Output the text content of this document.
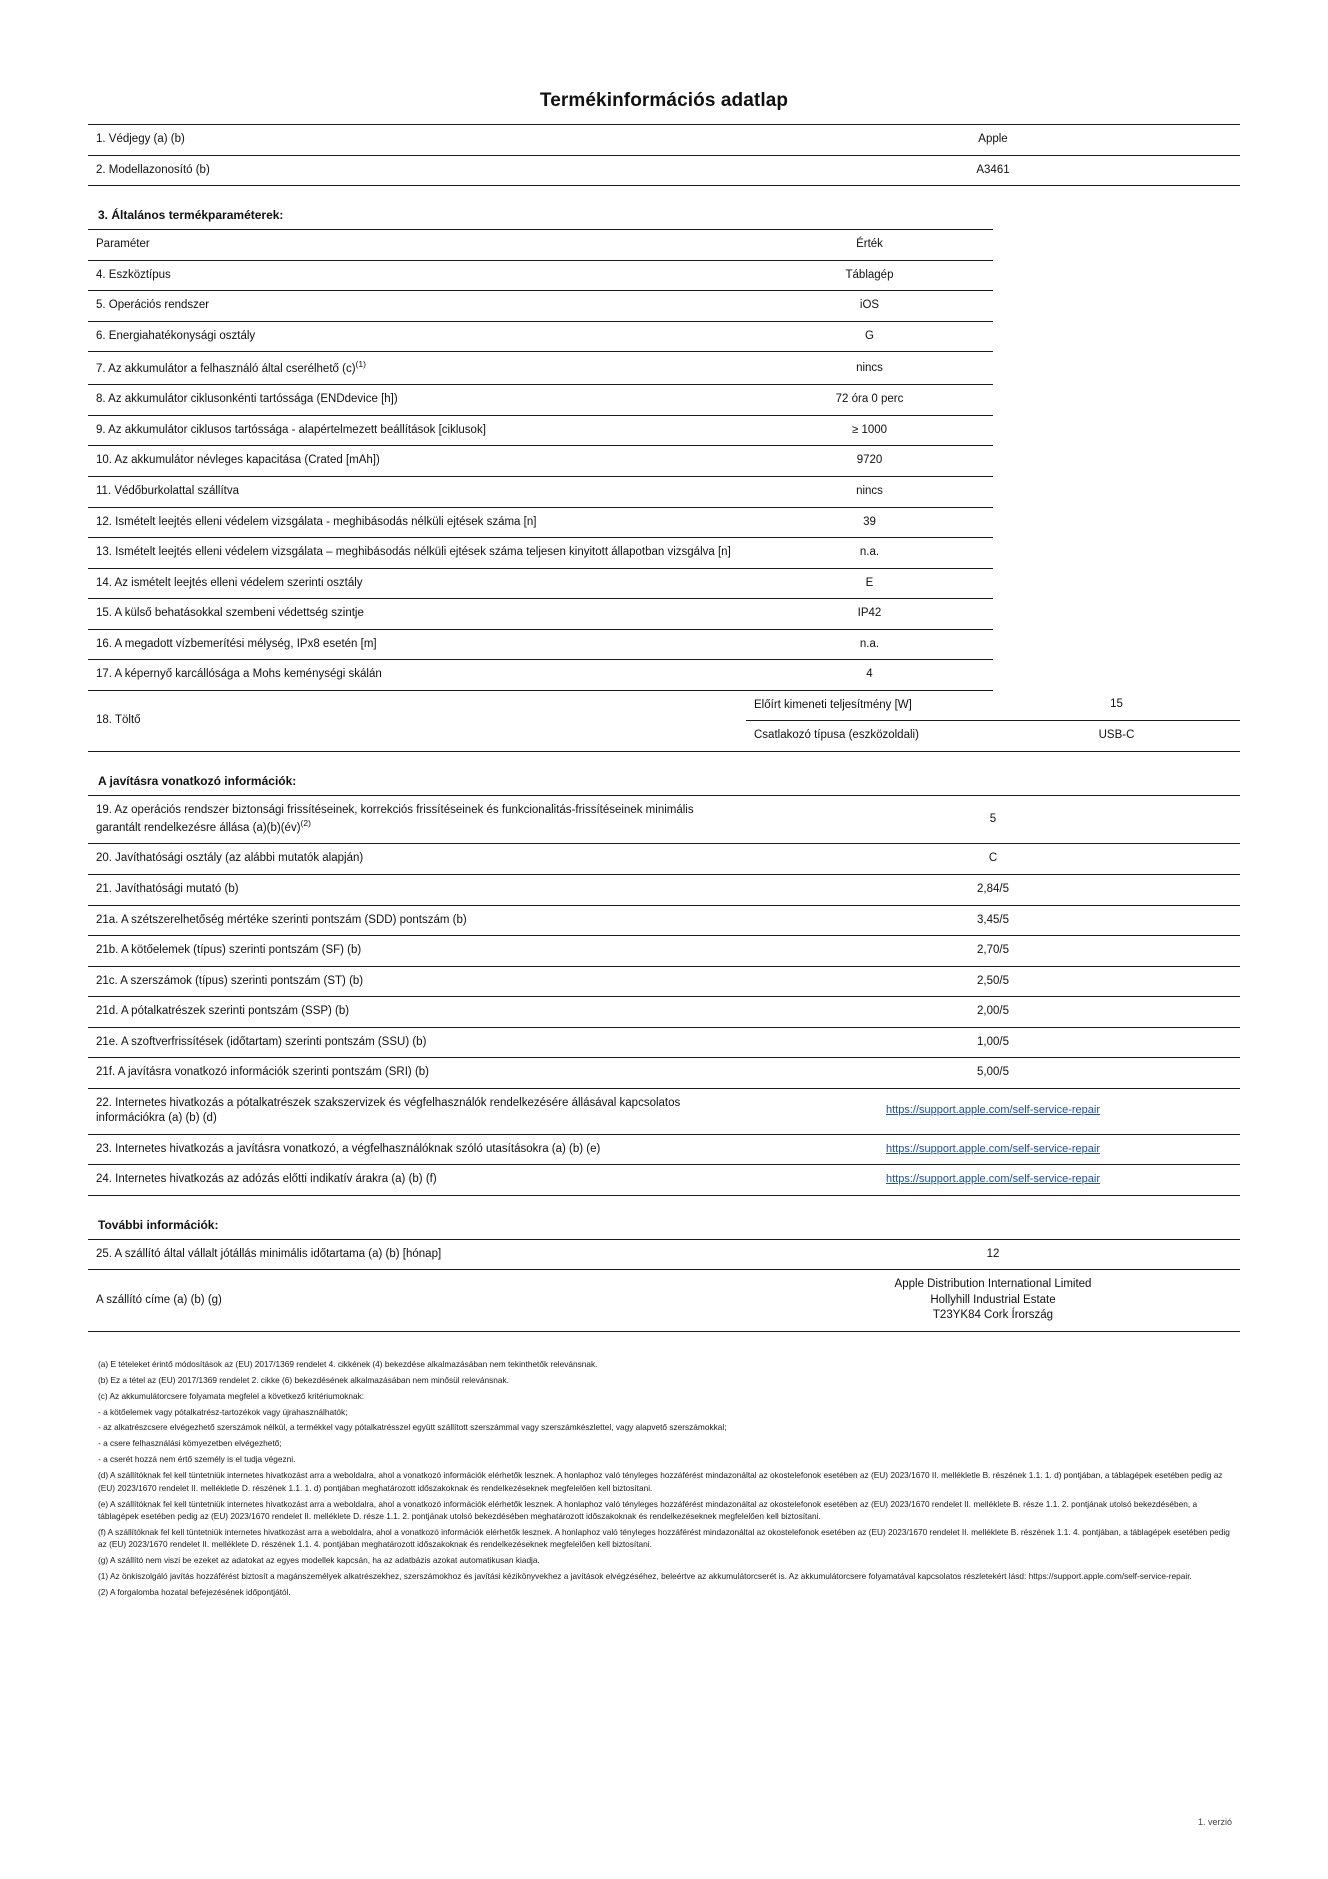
Termékinformációs adatlap
1. Védjegy (a) (b)	Apple
2. Modellazonosító (b)	A3461
3. Általános termékparaméterek:
Paraméter	Érték	
4. Eszköztípus	Táblagép	
5. Operációs rendszer	iOS	
6. Energiahatékonysági osztály	G	
7. Az akkumulátor a felhasználó által cserélhető $(c)^{(1)}$	nincs	
8. Az akkumulátor ciklusonkénti tartóssága (ENDdevice [h])	72 óra 0 perc	
9. Az akkumulátor ciklusos tartóssága - alapértelmezett beállítások [ciklusok]	≥ 1000	
10. Az akkumulátor névleges kapacitása (Crated [mAh])	9720	
11. Védőburkolattal szállítva	nincs	
12. Ismételt leejtés elleni védelem vizsgálata - meghibásodás nélküli ejtések száma [n]	39	
13. Ismételt leejtés elleni védelem vizsgálata – meghibásodás nélküli ejtések száma teljesen kinyitott állapotban vizsgálva [n]	n.a.	
14. Az ismételt leejtés elleni védelem szerinti osztály	E	
15. A külső behatásokkal szembeni védettség szintje	IP42	
16. A megadott vízbemerítési mélység, IPx8 esetén [m]	n.a.	
17. A képernyő karcállósága a Mohs keménységi skálán	4	
18. Töltő	Előírt kimeneti teljesítmény [W]	15
	Csatlakozó típusa (eszközoldali)	USB-C
A javításra vonatkozó információk:
19. Az operációs rendszer biztonsági frissítéseinek, korrekciós frissítéseinek és funkcionalitás-frissítéseinek minimális garantált rendelkezésre állása (a)(b)(év)$^{(2)}$	5
20. Javíthatósági osztály (az alábbi mutatók alapján)	C
21. Javíthatósági mutató (b)	2,84/5
21a. A szétszerelhetőség mértéke szerinti pontszám (SDD) pontszám (b)	3,45/5
21b. A kötőelemek (típus) szerinti pontszám (SF) (b)	2,70/5
21c. A szerszámok (típus) szerinti pontszám (ST) (b)	2,50/5
21d. A pótalkatrészek szerinti pontszám (SSP) (b)	2,00/5
21e. A szoftverfrissítések (időtartam) szerinti pontszám (SSU) (b)	1,00/5
21f. A javításra vonatkozó információk szerinti pontszám (SRI) (b)	5,00/5
22. Internetes hivatkozás a pótalkatrészek szakszervizek és végfelhasználók rendelkezésére állásával kapcsolatos információkra (a) (b) (d)	https://support.apple.com/self-service-repair
23. Internetes hivatkozás a javításra vonatkozó, a végfelhasználóknak szóló utasításokra (a) (b) (e)	https://support.apple.com/self-service-repair
24. Internetes hivatkozás az adózás előtti indikatív árakra (a) (b) (f)	https://support.apple.com/self-service-repair
További információk:
25. A szállító által vállalt jótállás minimális időtartama (a) (b) [hónap]	12
A szállító címe (a) (b) (g)	Apple Distribution International Limited
Hollyhill Industrial Estate
T23YK84 Cork Írország

(a) E tételeket érintő módosítások az (EU) 2017/1369 rendelet 4. cikkének (4) bekezdése alkalmazásában nem tekinthetők relevánsnak.

(b) Ez a tétel az (EU) 2017/1369 rendelet 2. cikke (6) bekezdésének alkalmazásában nem minősül relevánsnak.

(c) Az akkumulátorcsere folyamata megfelel a következő kritériumoknak:

- a kötőelemek vagy pótalkatrész-tartozékok vagy újrahasználhatók;

- az alkatrészcsere elvégezhető szerszámok nélkül, a termékkel vagy pótalkatrésszel együtt szállított szerszámmal vagy szerszámkészlettel, vagy alapvető szerszámokkal;

- a csere felhasználási kömyezetben elvégezhető;

- a cserét hozzá nem értő személy is el tudja végezni.

(d) A szállítóknak fel kell tüntetniük internetes hivatkozást arra a weboldalra, ahol a vonatkozó információk elérhetők lesznek. A honlaphoz való tényleges hozzáférést mindazonáltal az okostelefonok esetében az (EU) 2023/1670 II. mellékletle B. részének 1.1. 1. d) pontjában, a táblagépek esetében pedig az (EU) 2023/1670 rendelet II. mellékletle D. részének 1.1. 1. d) pontjában meghatározott időszakoknak és rendelkezéseknek megfelelően kell biztosítani.

(e) A szállítóknak fel kell tüntetniük internetes hivatkozást arra a weboldalra, ahol a vonatkozó információk elérhetők lesznek. A honlaphoz való tényleges hozzáférést mindazonáltal az okostelefonok esetében az (EU) 2023/1670 rendelet II. melléklete B. része 1.1. 2. pontjának utolsó bekezdésében, a táblagépek esetében pedig az (EU) 2023/1670 rendelet II. melléklete D. része 1.1. 2. pontjának utolsó bekezdésében meghatározott időszakoknak és rendelkezéseknek megfelelően kell biztosítani.

(f) A szállítóknak fel kell tüntetniük internetes hivatkozást arra a weboldalra, ahol a vonatkozó információk elérhetők lesznek. A honlaphoz való tényleges hozzáférést mindazonáltal az okostelefonok esetében az (EU) 2023/1670 rendelet II. melléklete B. részének 1.1. 4. pontjában, a táblagépek esetében pedig az (EU) 2023/1670 rendelet II. melléklete D. részének 1.1. 4. pontjában meghatározott időszakoknak és rendelkezéseknek megfelelően kell biztosítani.

(g) A szállító nem viszi be ezeket az adatokat az egyes modellek kapcsán, ha az adatbázis azokat automatikusan kiadja.

(1) Az önkiszolgáló javítás hozzáférést biztosít a magánszemélyek alkatrészekhez, szerszámokhoz és javítási kézikönyvekhez a javítások elvégzéséhez, beleértve az akkumulátorcserét is. Az akkumulátorcsere folyamatával kapcsolatos részletekért lásd: https://support.apple.com/self-service-repair.

(2) A forgalomba hozatal befejezésének időpontjától.

1. verzió
